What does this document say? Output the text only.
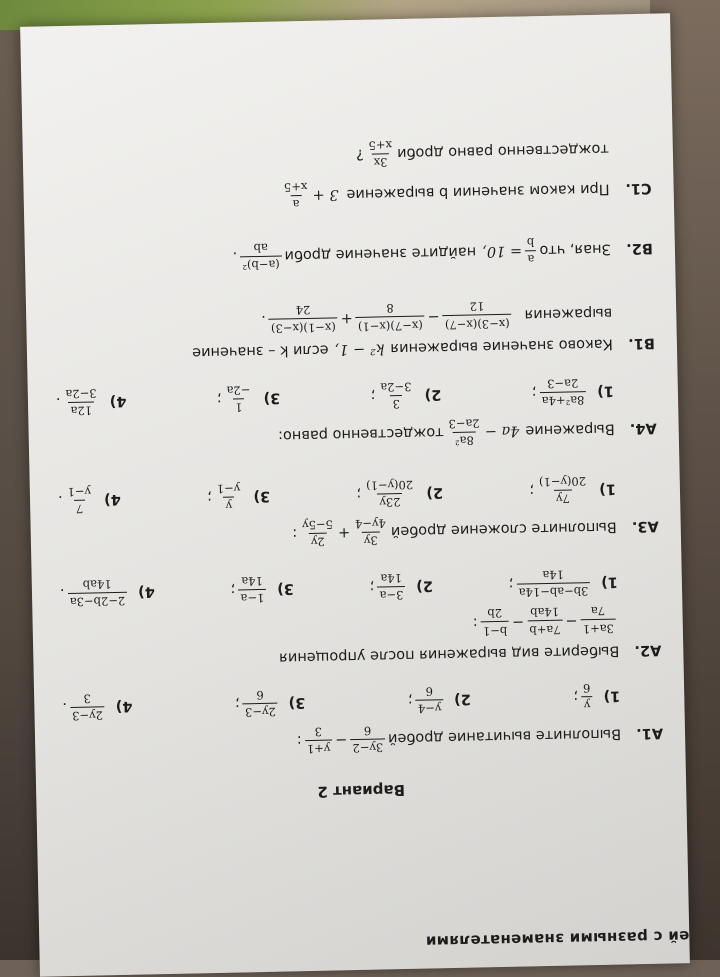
ей с разными знаменателями
Вариант 2
A1.
Выполните вычитание дробей
3y−2
6
−
y+1
3
:
1)
y
6
;
2)
y−4
6
;
3)
2y−3
6
;
4)
2y−3
3
.
A2.
Выберите вид выражения после упрощения
3a+1
7a
−
7a+b
14ab
−
b−1
2b
:
1)
3b−ab−14a
14a
;
2)
3−a
14a
;
3)
1−a
14a
;
4)
2−2b−3a
14ab
.
A3.
Выполните сложение дробей
3y
4y−4
+
2y
5−5y
:
1)
7y
20(y−1)
;
2)
23y
20(y−1)
;
3)
y
y−1
;
4)
7
y−1
.
A4.
Выражение
4a −
8a²
2a−3
тождественно равно:
1)
8a²+4a
2a−3
;
2)
3
3−2a
;
3)
1
−2a
;
4)
12a
3−2a
.
B1.
Каково значение выражения
k² − 1,
если k – значение
выражения
(x−3)(x−7)
12
−
(x−7)(x−1)
8
+
(x−1)(x−3)
24
.
B2.
Зная, что
a
b
= 10,
найдите значение дроби
(a−b)²
ab
.
C1.
При каком значении b выражение
3 +
a
x+5
тождественно равно дроби
3x
x+5
?
